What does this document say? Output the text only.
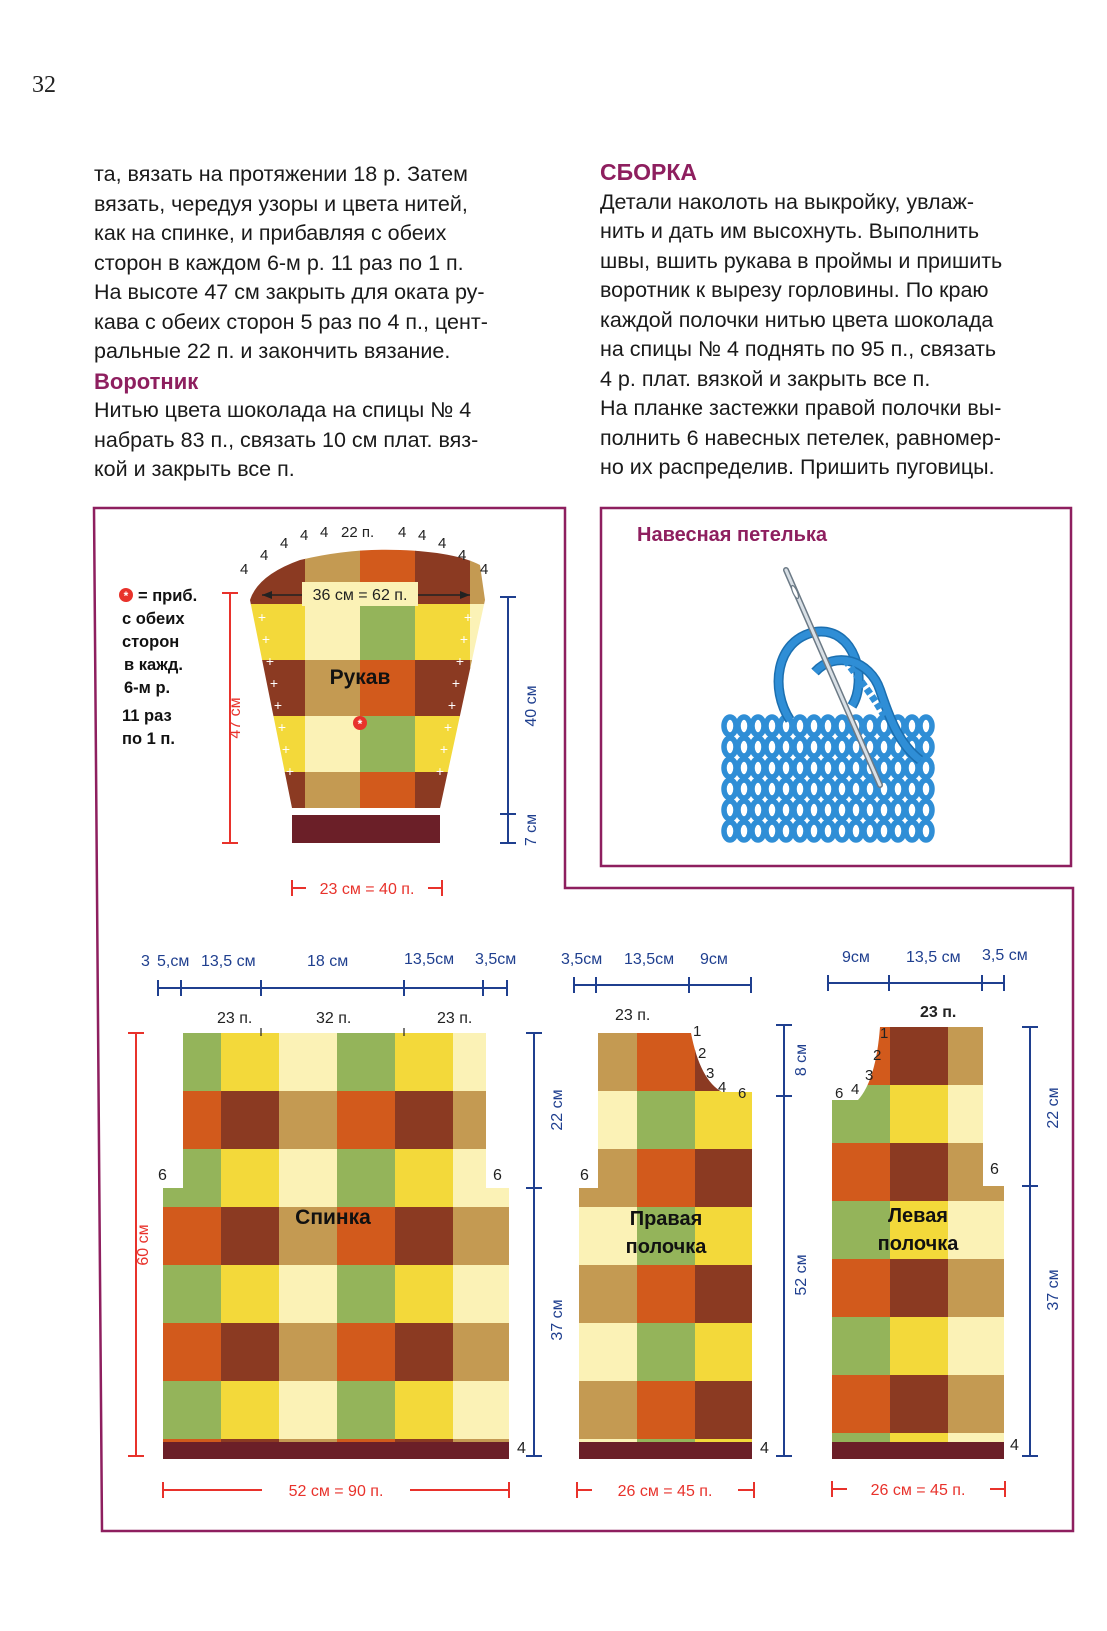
32

та, вязать на протяжении 18 р. Затем

вязать, чередуя узоры и цвета нитей,

как на спинке, и прибавляя с обеих

сторон в каждом 6-м р. 11 раз по 1 п.

На высоте 47 см закрыть для оката ру-

кава с обеих сторон 5 раз по 4 п., цент-

ральные 22 п. и закончить вязание.

Воротник

Нитью цвета шоколада на спицы № 4

набрать 83 п., связать 10 см плат. вяз-

кой и закрыть все п.

СБОРКА

Детали наколоть на выкройку, увлаж-

нить и дать им высохнуть. Выполнить

швы, вшить рукава в проймы и пришить

воротник к вырезу горловины. По краю

каждой полочки нитью цвета шоколада

на спицы № 4 поднять по 95 п., связать

4 р. плат. вязкой и закрыть все п.

На планке застежки правой полочки вы-

полнить 6 навесных петелек, равномер-

но их распределив. Пришить пуговицы.

+
+
+
+
+
+
+
+
+
+
+
+
+
+
+
+
4
4
4 4 4 22 п. 4 4 4
4
4
36 см = 62 п.
Рукав
*
* = приб.
с обеих
сторон
в кажд.
6-м р.
11 раз
по 1 п.
47 см	40 см
7 см
23 см = 40 п.
Навесная петелька
3 5,см 13,5 см	18 см	13,5см 3,5см
23 п.	32 п.	23 п.
6	6
Спинка
60 см
22 см
37 см
4
52 см = 90 п.
3,5см 13,5см 9см
23 п.
1
2
3
4 6
6
Правая
полочка
8 см
52 см
4
26 см = 45 п.
9см 13,5 см 3,5 см
23 п.
1
2
3
4
6
6
Левая
полочка
22 см
37 см
4
26 см = 45 п.
